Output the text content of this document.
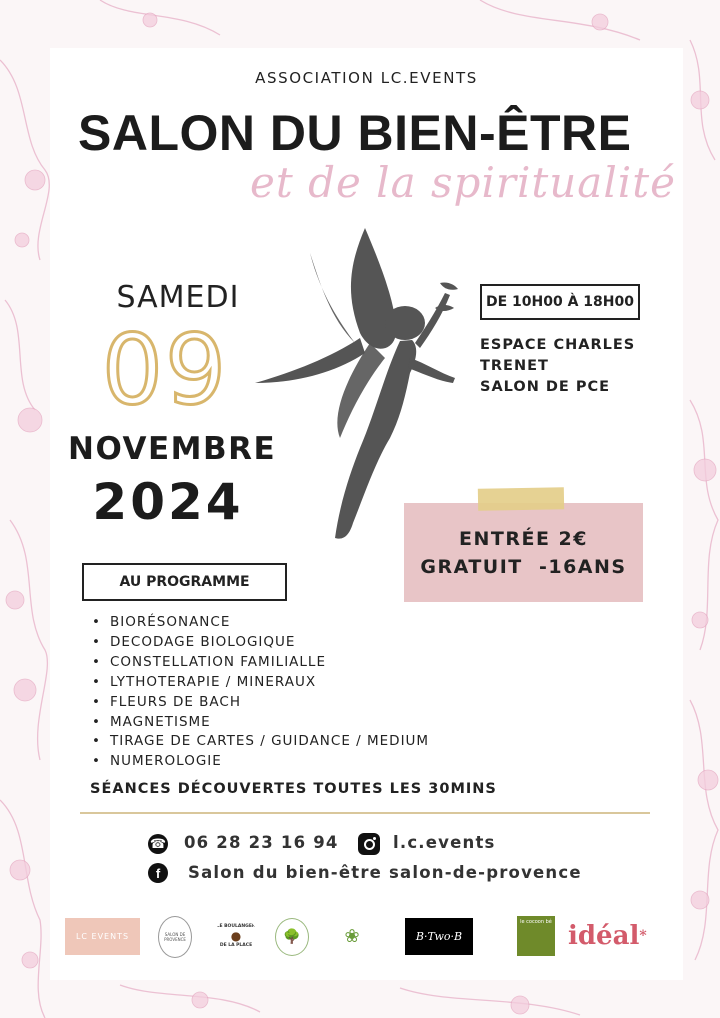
ASSOCIATION LC.EVENTS
SALON DU BIEN-ÊTRE
et de la spiritualité
SAMEDI
09
NOVEMBRE
2024
DE 10H00 À 18H00
ESPACE CHARLES
TRENET
SALON DE PCE
ENTRÉE 2€
GRATUIT  -16ANS
AU PROGRAMME
• BIORÉSONANCE
• DECODAGE BIOLOGIQUE
• CONSTELLATION FAMILIALLE
• LYTHOTERAPIE / MINERAUX
• FLEURS DE BACH
• MAGNETISME
• TIRAGE DE CARTES / GUIDANCE / MEDIUM
• NUMEROLOGIE
SÉANCES DÉCOUVERTES TOUTES LES 30MINS
☎ 06 28 23 16 94	l.c.events
f	Salon du bien-être salon-de-provence
LC EVENTS	SALON DE PROVENCE
LE BOULANGER
●
DE LA PLACE
🌳	❀	B·Two·B
le cocoon bé idéal*
